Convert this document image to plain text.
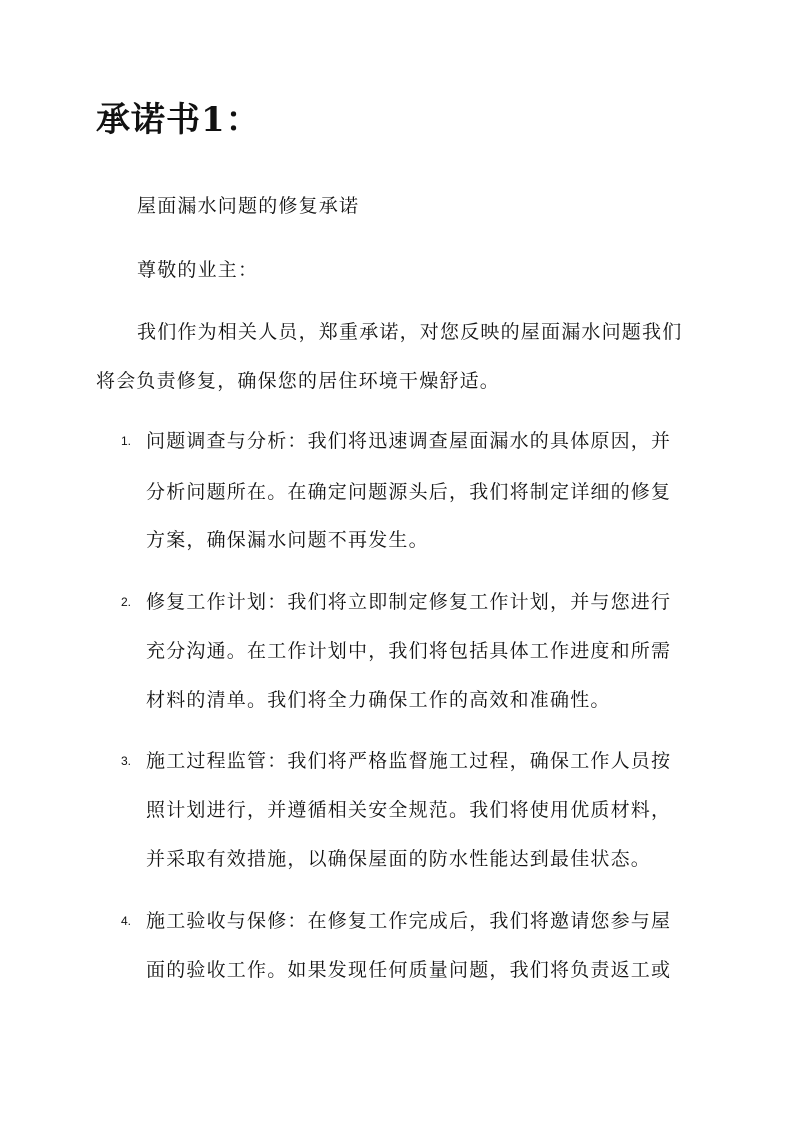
承诺书1：
屋面漏水问题的修复承诺
尊敬的业主：
我们作为相关人员，郑重承诺，对您反映的屋面漏水问题我们
将会负责修复，确保您的居住环境干燥舒适。
1. 问题调查与分析：我们将迅速调查屋面漏水的具体原因，并
分析问题所在。在确定问题源头后，我们将制定详细的修复
方案，确保漏水问题不再发生。
2. 修复工作计划：我们将立即制定修复工作计划，并与您进行
充分沟通。在工作计划中，我们将包括具体工作进度和所需
材料的清单。我们将全力确保工作的高效和准确性。
3. 施工过程监管：我们将严格监督施工过程，确保工作人员按
照计划进行，并遵循相关安全规范。我们将使用优质材料，
并采取有效措施，以确保屋面的防水性能达到最佳状态。
4. 施工验收与保修：在修复工作完成后，我们将邀请您参与屋
面的验收工作。如果发现任何质量问题，我们将负责返工或
